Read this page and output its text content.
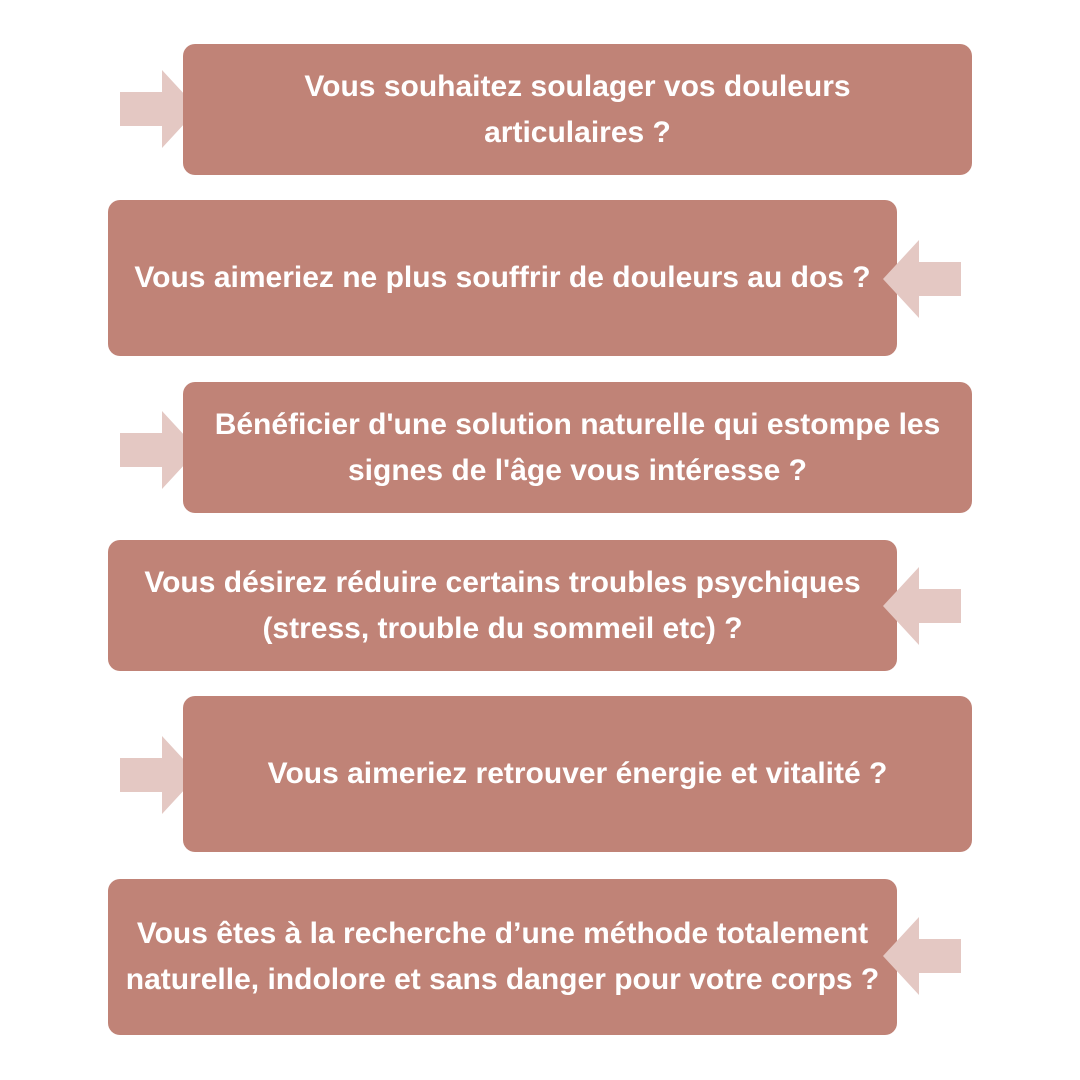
Vous souhaitez soulager vos douleurs articulaires ?

Vous aimeriez ne plus souffrir de douleurs au dos ?

Bénéficier d'une solution naturelle qui estompe les signes de l'âge vous intéresse ?

Vous désirez réduire certains troubles psychiques (stress, trouble du sommeil etc) ?

Vous aimeriez retrouver énergie et vitalité ?

Vous êtes à la recherche d’une méthode totalement naturelle, indolore et sans danger pour votre corps ?
